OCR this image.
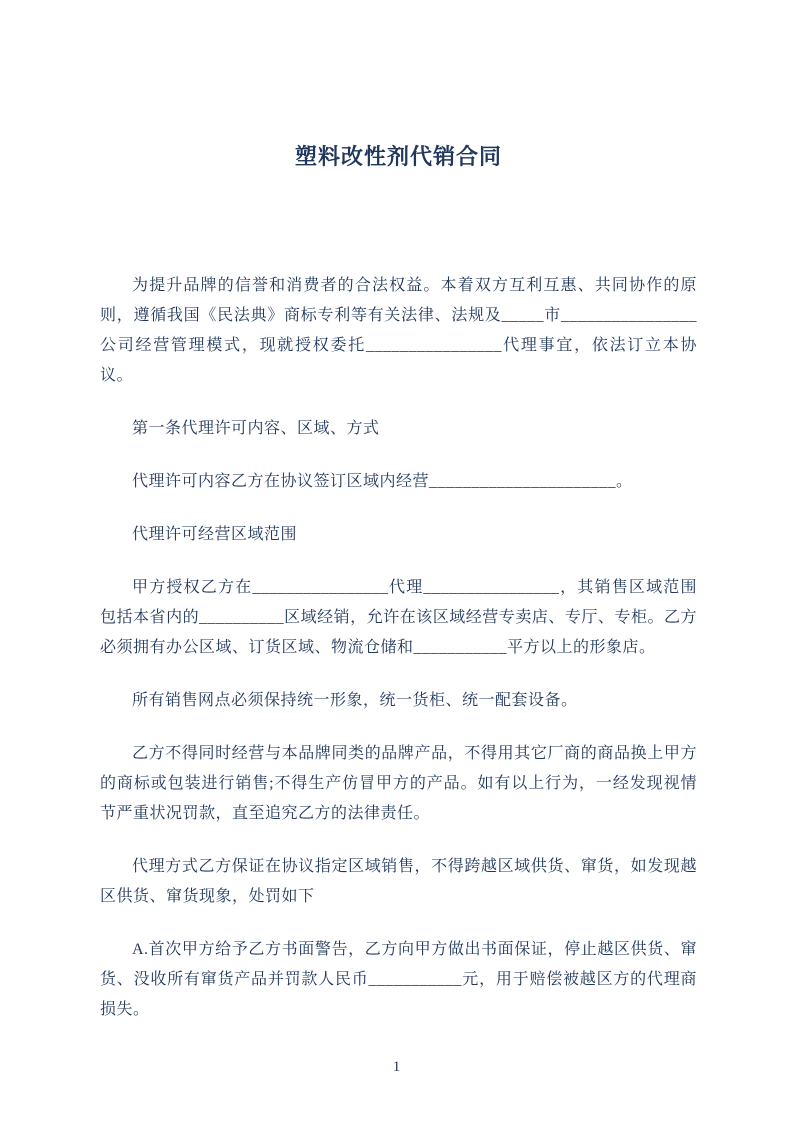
塑料改性剂代销合同

为提升品牌的信誉和消费者的合法权益。本着双方互利互惠、共同协作的原则，遵循我国《民法典》商标专利等有关法律、法规及_____市________________公司经营管理模式，现就授权委托________________代理事宜，依法订立本协议。

第一条代理许可内容、区域、方式

代理许可内容乙方在协议签订区域内经营______________________。

代理许可经营区域范围

甲方授权乙方在________________代理________________，其销售区域范围包括本省内的__________区域经销，允许在该区域经营专卖店、专厅、专柜。乙方必须拥有办公区域、订货区域、物流仓储和___________平方以上的形象店。

所有销售网点必须保持统一形象，统一货柜、统一配套设备。

乙方不得同时经营与本品牌同类的品牌产品，不得用其它厂商的商品换上甲方的商标或包装进行销售;不得生产仿冒甲方的产品。如有以上行为，一经发现视情节严重状况罚款，直至追究乙方的法律责任。

代理方式乙方保证在协议指定区域销售，不得跨越区域供货、窜货，如发现越区供货、窜货现象，处罚如下

A.首次甲方给予乙方书面警告，乙方向甲方做出书面保证，停止越区供货、窜货、没收所有窜货产品并罚款人民币___________元，用于赔偿被越区方的代理商损失。

1
